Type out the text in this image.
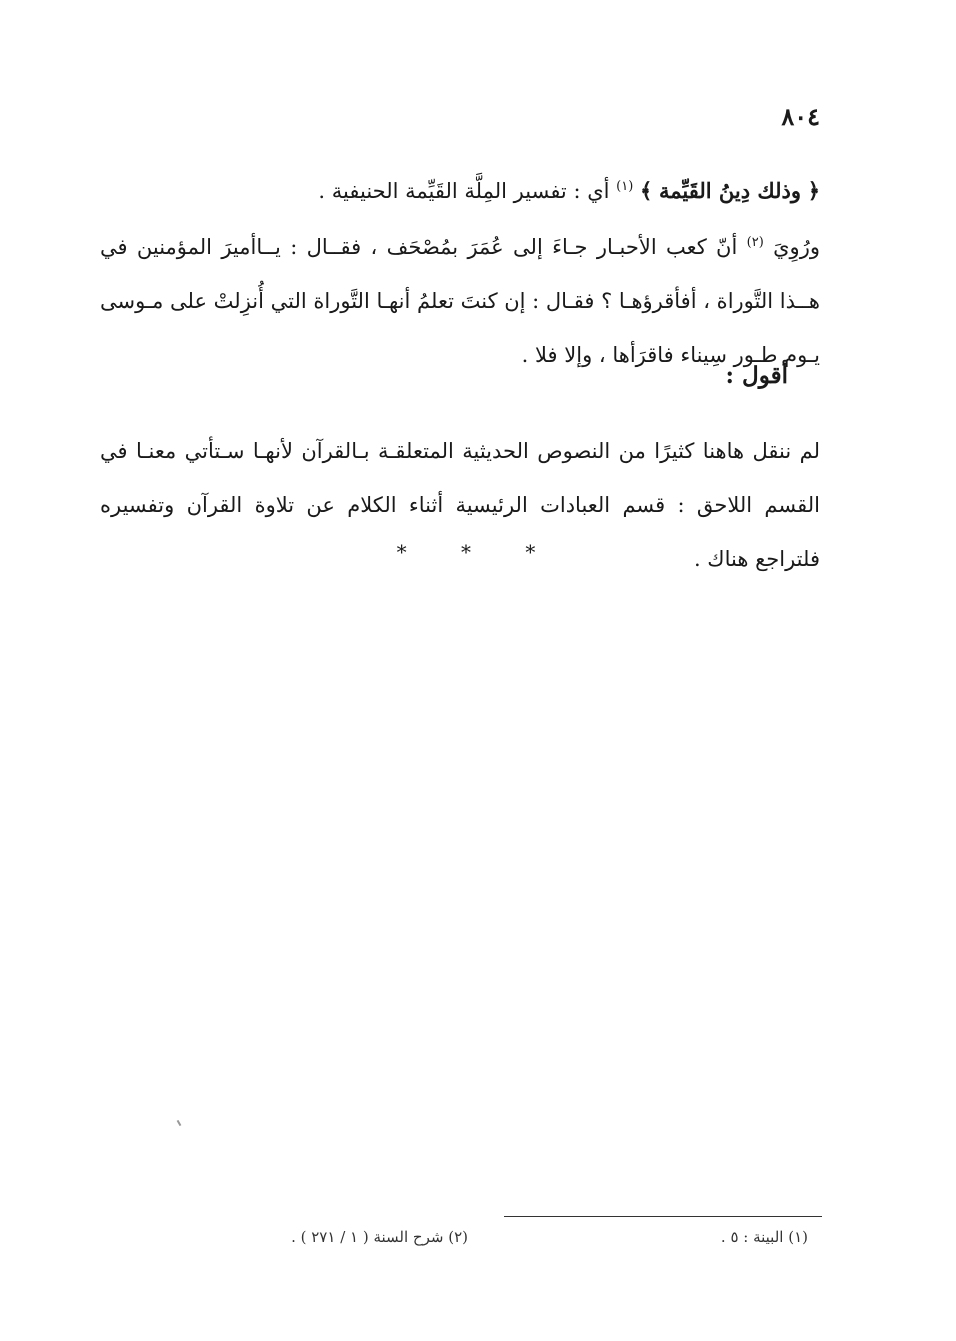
٨٠٤

﴿ وذلك دِينُ القَيِّمة ﴾ $^{(١)}$ أي : تفسير المِلَّة القَيِّمة الحنيفية .

ورُوِيَ $^{(٢)}$ أنّ كعب الأحبـار جـاءَ إلى عُمَرَ بمُصْحَف ، فقــال : يــاأميرَ المؤمنين في هــذا التَّوراة ، أفأقرؤهـا ؟ فقـال : إن كنتَ تعلمُ أنهـا التَّوراة التي أُنزِلتْ على مـوسى يـوم طـور سِيناء فاقرَأها ، وإلا فلا .

أقول :

لم ننقل هاهنا كثيرًا من النصوص الحديثية المتعلقـة بـالقرآن لأنهـا سـتأتي معنـا في القسم اللاحق : قسم العبادات الرئيسية أثناء الكلام عن تلاوة القرآن وتفسيره فلتراجع هناك .

* * *

(١) البينة : ٥ .

(٢) شرح السنة ( ١ / ٢٧١ ) .
